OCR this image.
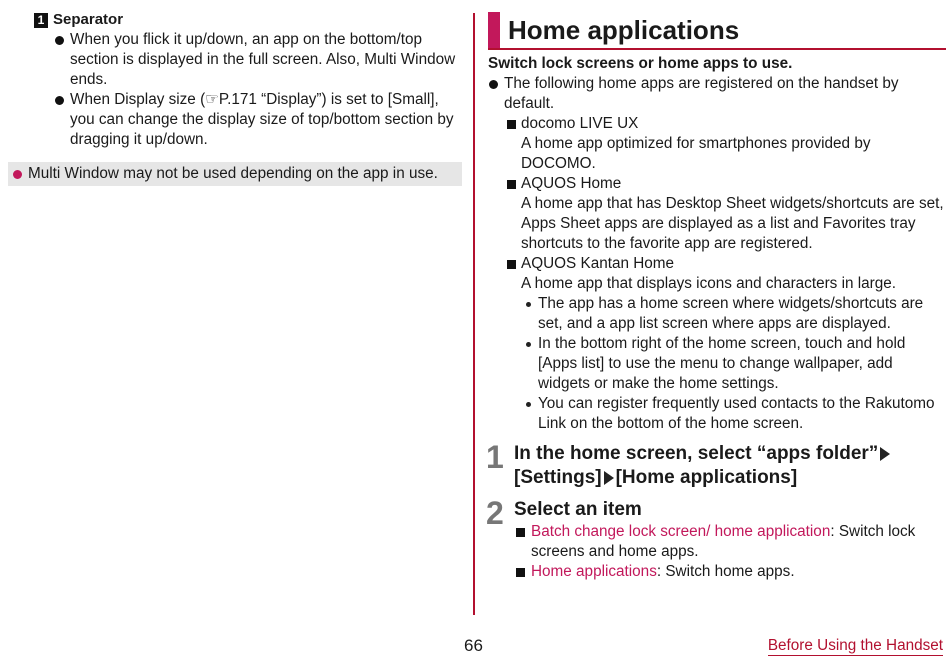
1 Separator
When you flick it up/down, an app on the bottom/top section is displayed in the full screen. Also, Multi Window ends.
When Display size (☞P.171 “Display”) is set to [Small], you can change the display size of top/bottom section by dragging it up/down.
Multi Window may not be used depending on the app in use.
Home applications
Switch lock screens or home apps to use.
The following home apps are registered on the handset by default.
docomo LIVE UX
A home app optimized for smartphones provided by DOCOMO.
AQUOS Home
A home app that has Desktop Sheet widgets/shortcuts are set, Apps Sheet apps are displayed as a list and Favorites tray shortcuts to the favorite app are registered.
AQUOS Kantan Home
A home app that displays icons and characters in large.
The app has a home screen where widgets/shortcuts are set, and a app list screen where apps are displayed.
In the bottom right of the home screen, touch and hold [Apps list] to use the menu to change wallpaper, add widgets or make the home settings.
You can register frequently used contacts to the Rakutomo Link on the bottom of the home screen.
1 In the home screen, select “apps folder”
[Settings] [Home applications]
2 Select an item
Batch change lock screen/ home application: Switch lock screens and home apps.
Home applications: Switch home apps.
66	Before Using the Handset
